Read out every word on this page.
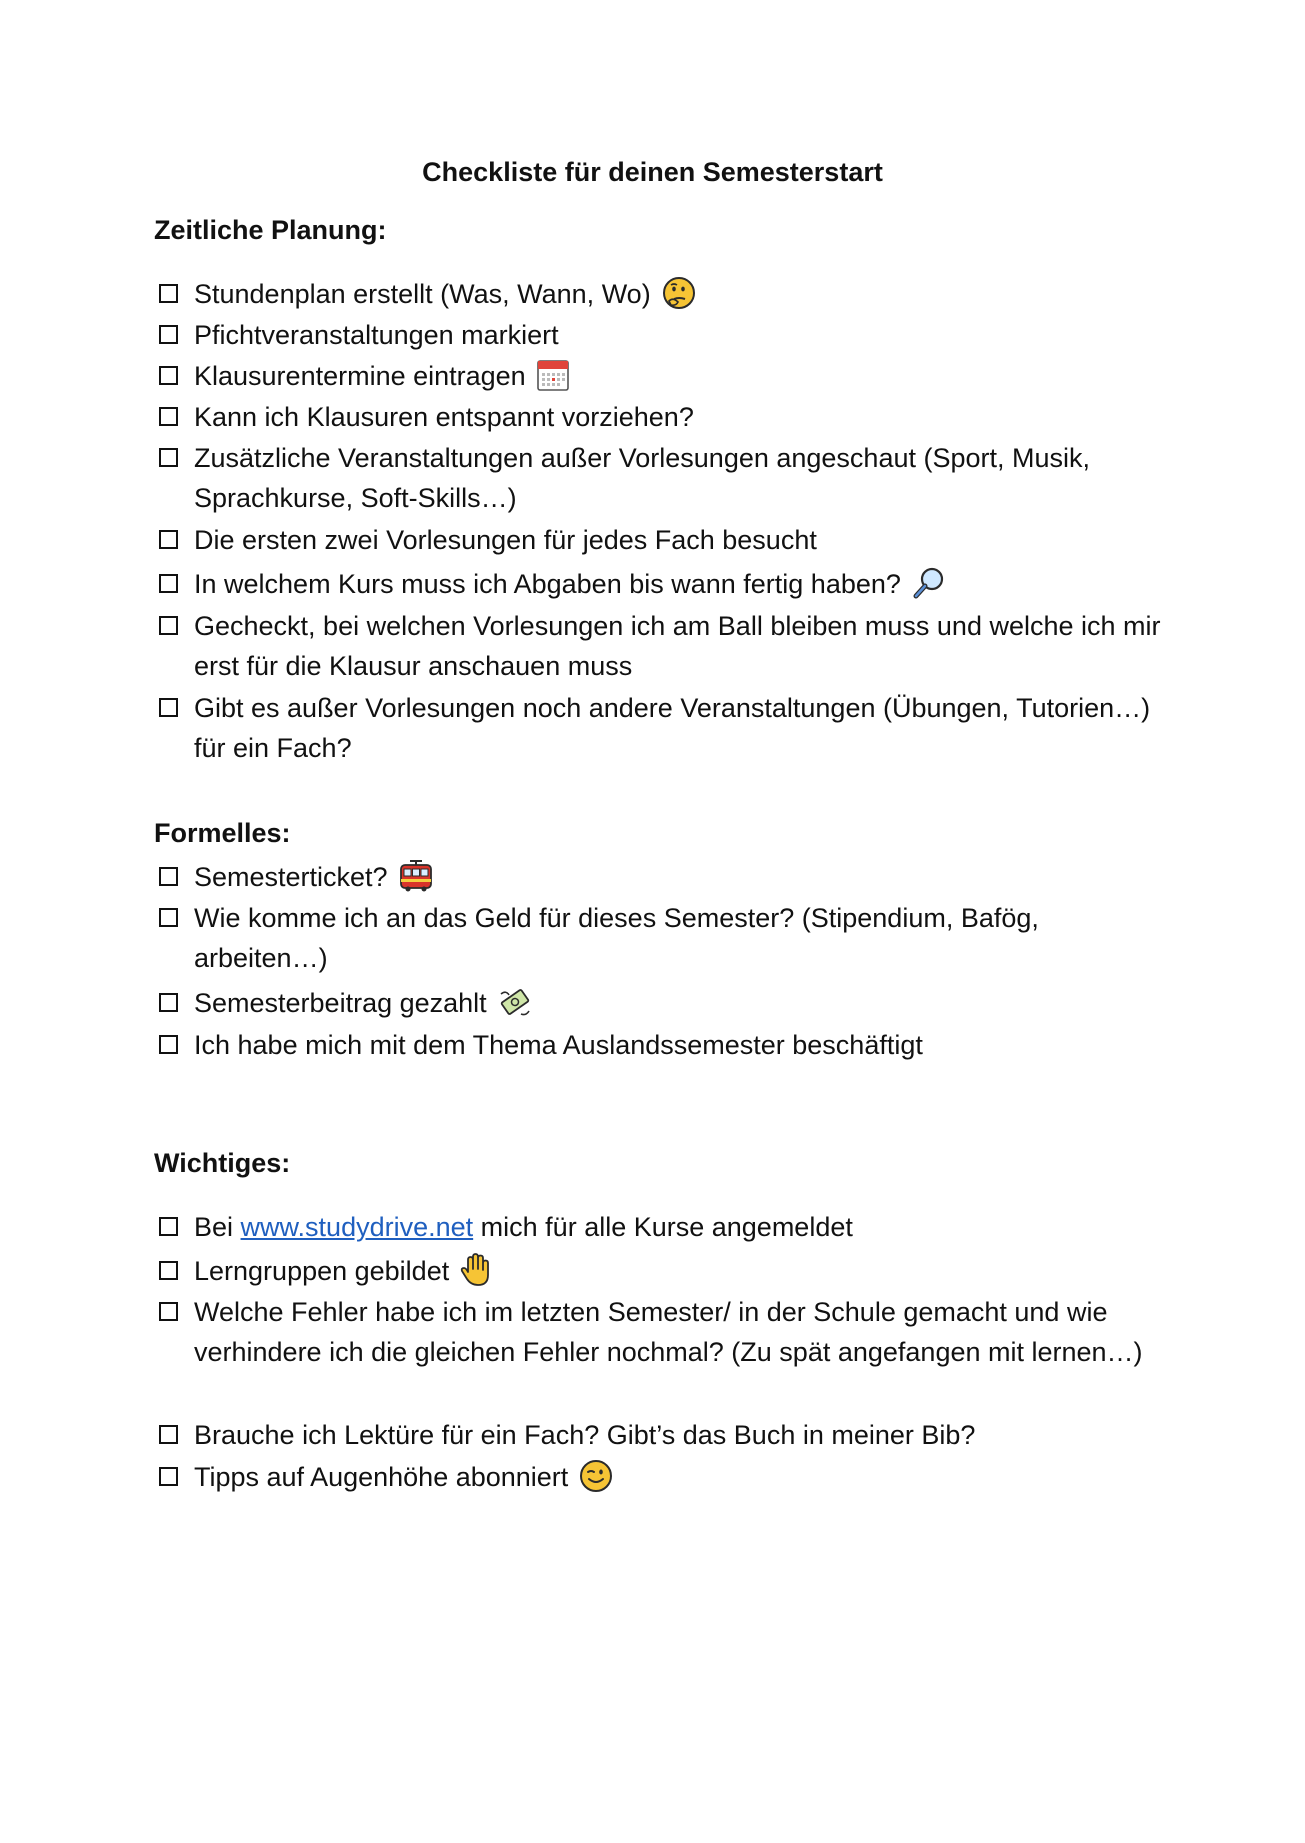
Checkliste für deinen Semesterstart
Zeitliche Planung:
Stundenplan erstellt (Was, Wann, Wo)
Pfichtveranstaltungen markiert
Klausurentermine eintragen
Kann ich Klausuren entspannt vorziehen?
Zusätzliche Veranstaltungen außer Vorlesungen angeschaut (Sport, Musik, Sprachkurse, Soft-Skills…)
Die ersten zwei Vorlesungen für jedes Fach besucht
In welchem Kurs muss ich Abgaben bis wann fertig haben?
Gecheckt, bei welchen Vorlesungen ich am Ball bleiben muss und welche ich mir erst für die Klausur anschauen muss
Gibt es außer Vorlesungen noch andere Veranstaltungen (Übungen, Tutorien…) für ein Fach?
Formelles:
Semesterticket?
Wie komme ich an das Geld für dieses Semester? (Stipendium, Bafög, arbeiten…)
Semesterbeitrag gezahlt
Ich habe mich mit dem Thema Auslandssemester beschäftigt
Wichtiges:
Bei www.studydrive.net mich für alle Kurse angemeldet
Lerngruppen gebildet
Welche Fehler habe ich im letzten Semester/ in der Schule gemacht und wie verhindere ich die gleichen Fehler nochmal? (Zu spät angefangen mit lernen…)
Brauche ich Lektüre für ein Fach? Gibt’s das Buch in meiner Bib?
Tipps auf Augenhöhe abonniert
